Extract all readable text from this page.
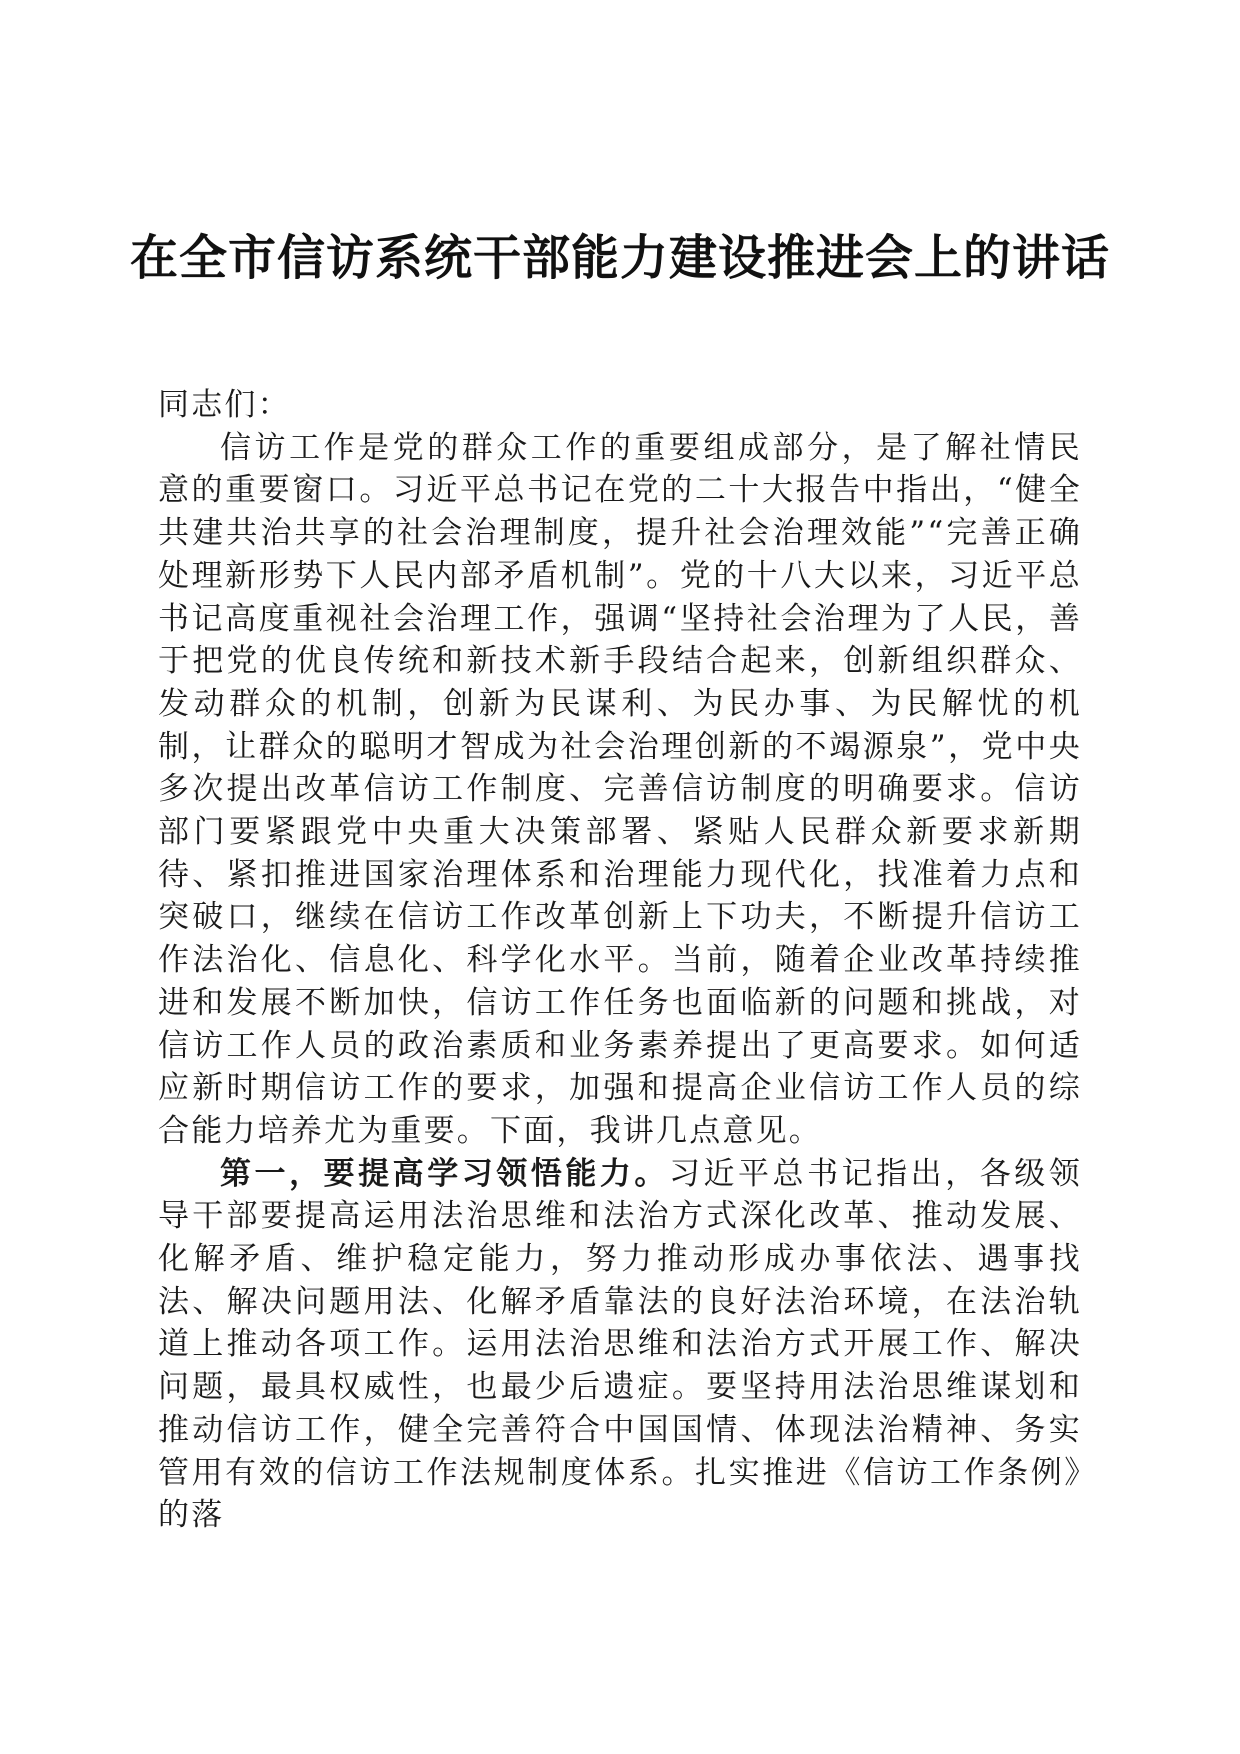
在全市信访系统干部能力建设推进会上的讲话

同志们：

信访工作是党的群众工作的重要组成部分，是了解社情民意的重要窗口。习近平总书记在党的二十大报告中指出，“健全共建共治共享的社会治理制度，提升社会治理效能”“完善正确处理新形势下人民内部矛盾机制”。党的十八大以来，习近平总书记高度重视社会治理工作，强调“坚持社会治理为了人民，善于把党的优良传统和新技术新手段结合起来，创新组织群众、发动群众的机制，创新为民谋利、为民办事、为民解忧的机制，让群众的聪明才智成为社会治理创新的不竭源泉”，党中央多次提出改革信访工作制度、完善信访制度的明确要求。信访部门要紧跟党中央重大决策部署、紧贴人民群众新要求新期待、紧扣推进国家治理体系和治理能力现代化，找准着力点和突破口，继续在信访工作改革创新上下功夫，不断提升信访工作法治化、信息化、科学化水平。当前，随着企业改革持续推进和发展不断加快，信访工作任务也面临新的问题和挑战，对信访工作人员的政治素质和业务素养提出了更高要求。如何适应新时期信访工作的要求，加强和提高企业信访工作人员的综合能力培养尤为重要。下面，我讲几点意见。

第一，要提高学习领悟能力。习近平总书记指出，各级领导干部要提高运用法治思维和法治方式深化改革、推动发展、化解矛盾、维护稳定能力，努力推动形成办事依法、遇事找法、解决问题用法、化解矛盾靠法的良好法治环境，在法治轨道上推动各项工作。运用法治思维和法治方式开展工作、解决问题，最具权威性，也最少后遗症。要坚持用法治思维谋划和推动信访工作，健全完善符合中国国情、体现法治精神、务实管用有效的信访工作法规制度体系。扎实推进《信访工作条例》的落
